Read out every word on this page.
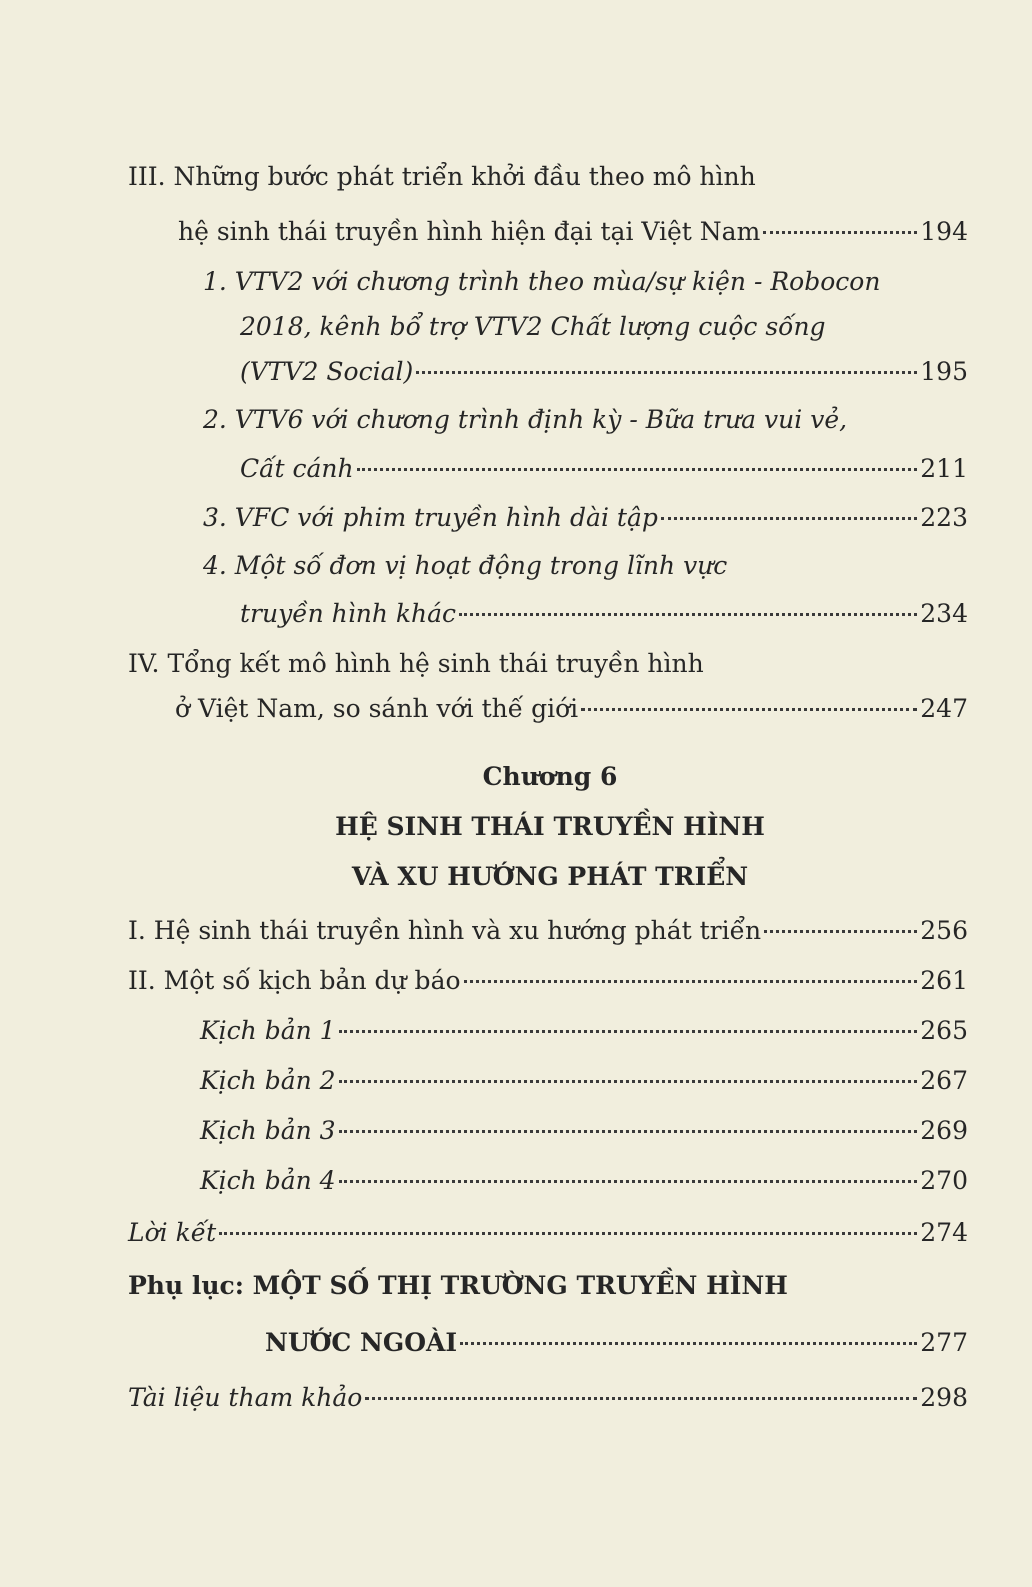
III. Những bước phát triển khởi đầu theo mô hình
hệ sinh thái truyền hình hiện đại tại Việt Nam	194
1. VTV2 với chương trình theo mùa/sự kiện - Robocon
2018, kênh bổ trợ VTV2 Chất lượng cuộc sống
(VTV2 Social)	195
2. VTV6 với chương trình định kỳ - Bữa trưa vui vẻ,
Cất cánh	211
3. VFC với phim truyền hình dài tập	223
4. Một số đơn vị hoạt động trong lĩnh vực
truyền hình khác	234
IV. Tổng kết mô hình hệ sinh thái truyền hình
ở Việt Nam, so sánh với thế giới	247
Chương 6
HỆ SINH THÁI TRUYỀN HÌNH
VÀ XU HƯỚNG PHÁT TRIỂN
I. Hệ sinh thái truyền hình và xu hướng phát triển	256
II. Một số kịch bản dự báo	261
Kịch bản 1	265
Kịch bản 2	267
Kịch bản 3	269
Kịch bản 4	270
Lời kết	274
Phụ lục: MỘT SỐ THỊ TRƯỜNG TRUYỀN HÌNH
NƯỚC NGOÀI	277
Tài liệu tham khảo	298
